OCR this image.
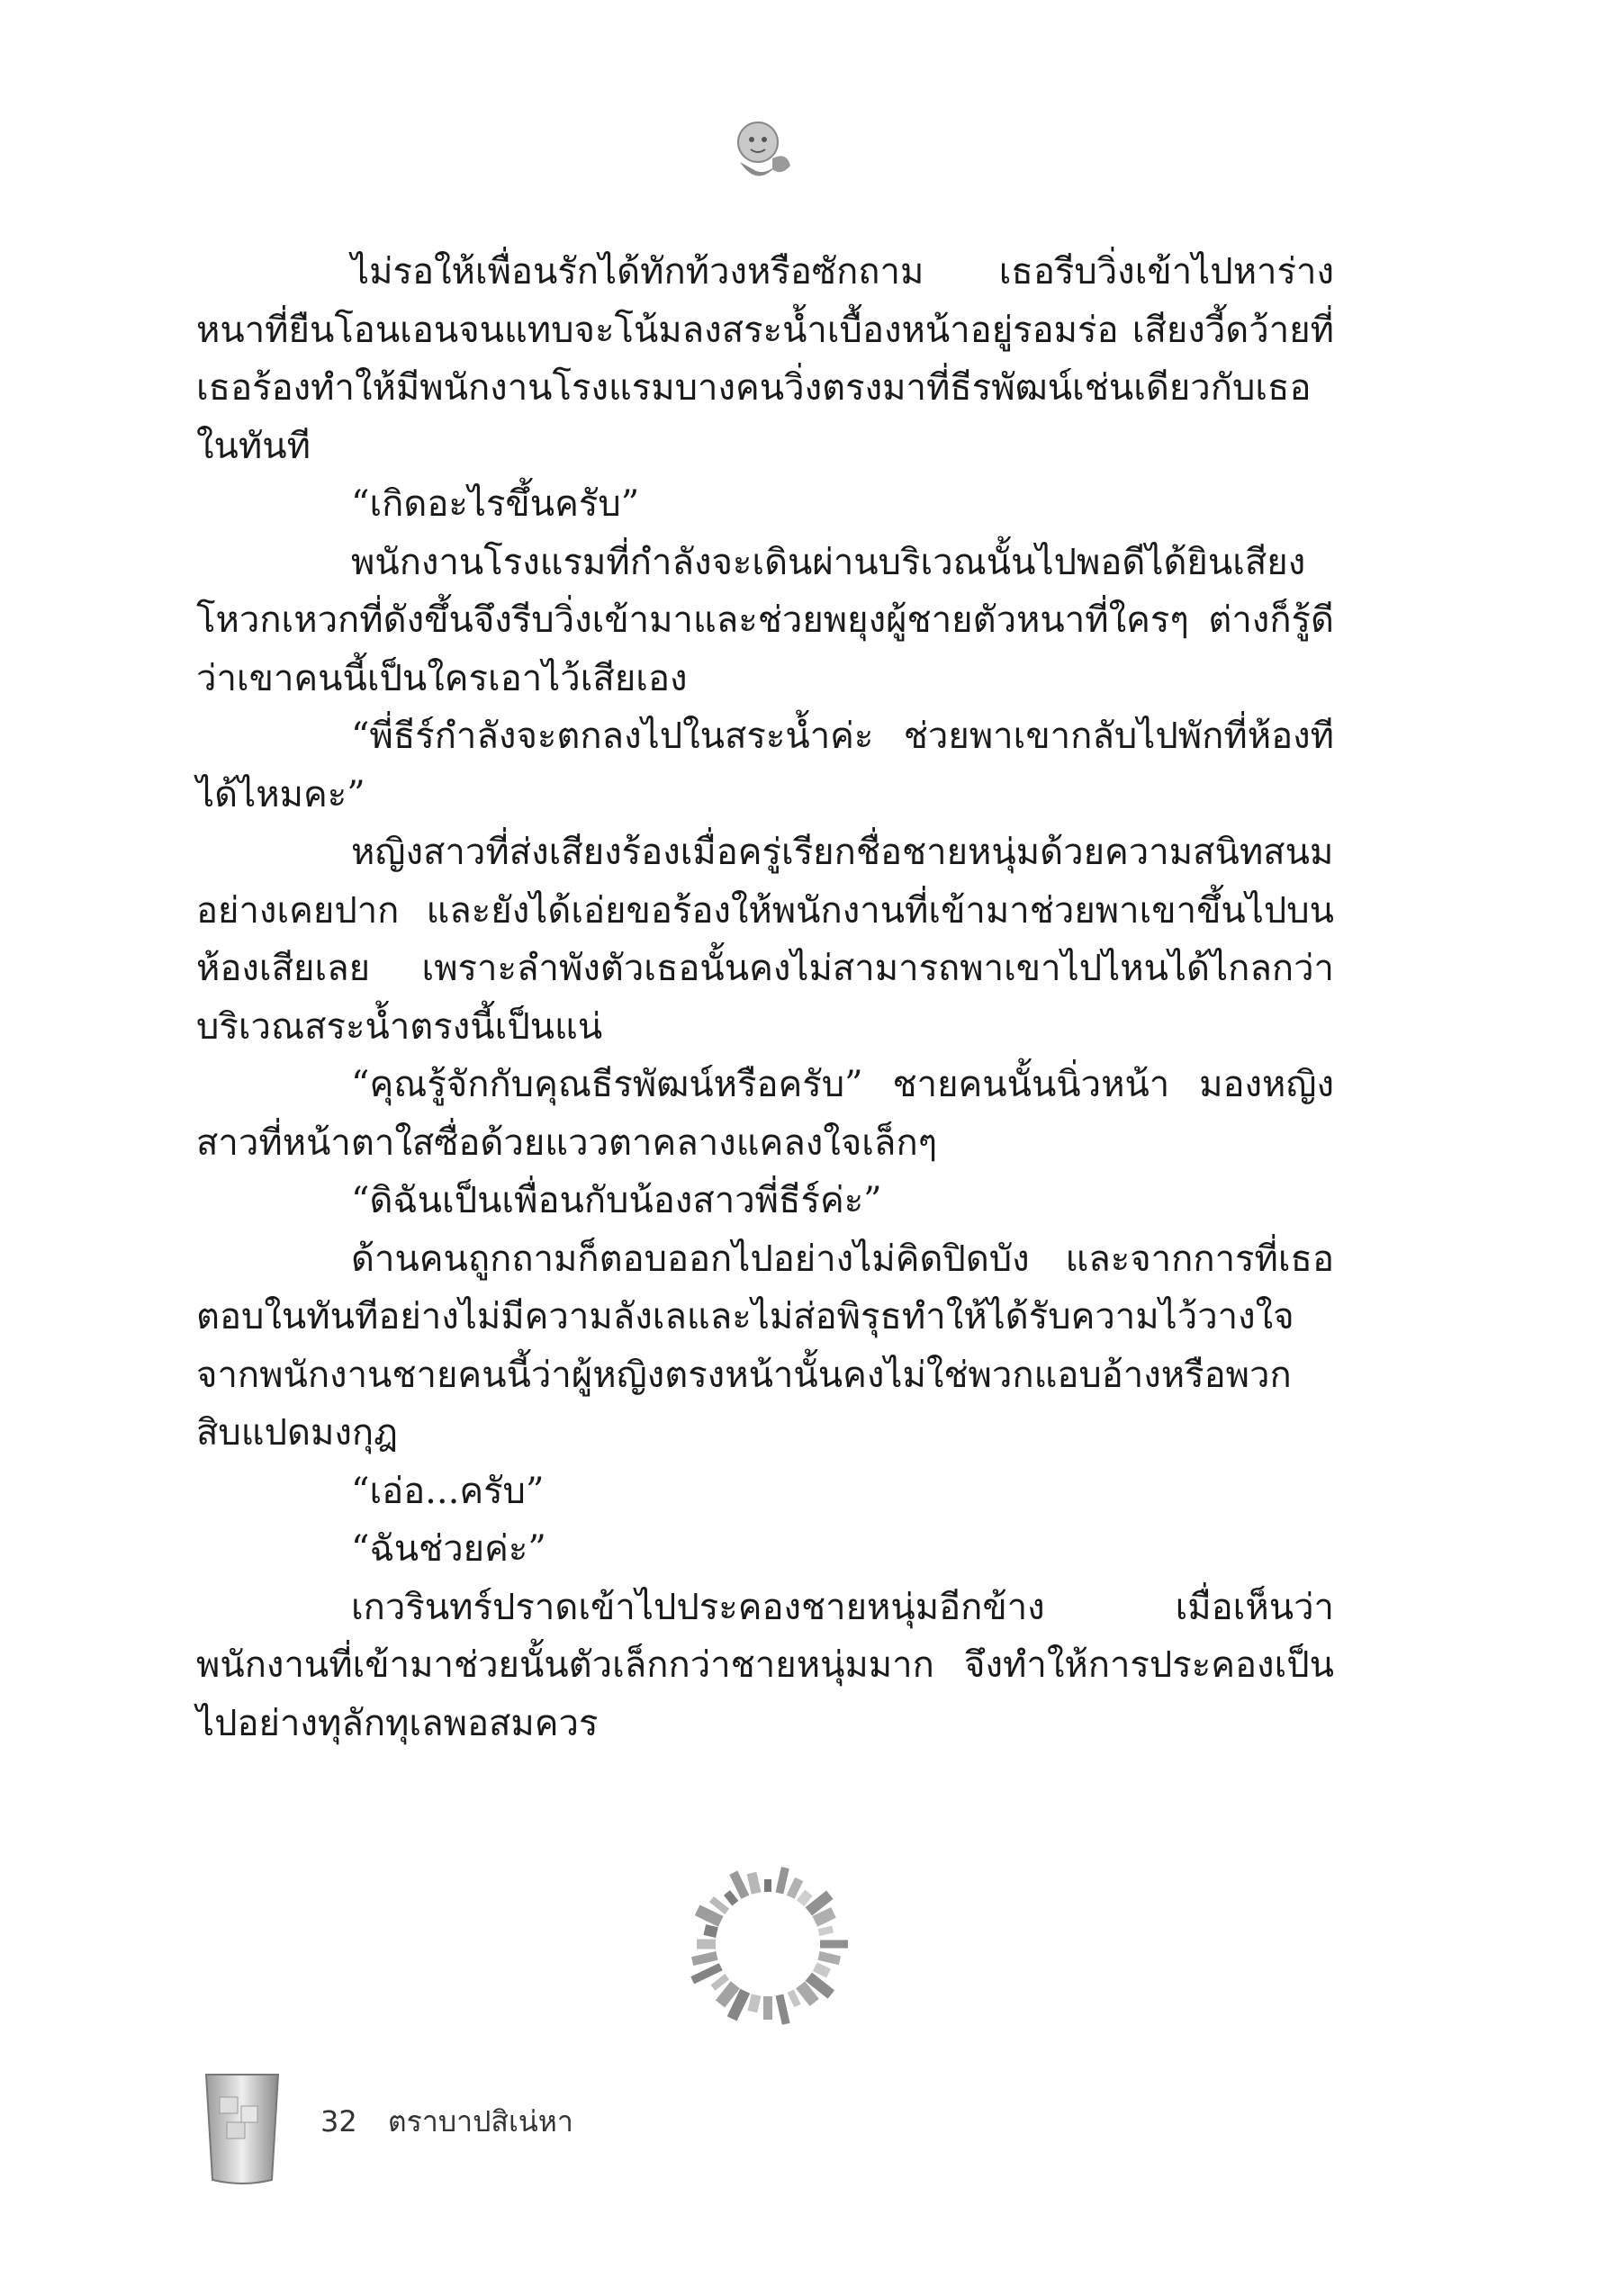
ไม่รอให้เพื่อนรักได้ทักท้วงหรือซักถาม เธอรีบวิ่งเข้าไปหาร่างหนาที่ยืนโอนเอนจนแทบจะโน้มลงสระน้ำเบื้องหน้าอยู่รอมร่อ เสียงวี้ดว้ายที่เธอร้องทำให้มีพนักงานโรงแรมบางคนวิ่งตรงมาที่ธีรพัฒน์เช่นเดียวกับเธอในทันที

“เกิดอะไรขึ้นครับ”

พนักงานโรงแรมที่กำลังจะเดินผ่านบริเวณนั้นไปพอดีได้ยินเสียงโหวกเหวกที่ดังขึ้นจึงรีบวิ่งเข้ามาและช่วยพยุงผู้ชายตัวหนาที่ใครๆ ต่างก็รู้ดีว่าเขาคนนี้เป็นใครเอาไว้เสียเอง

“พี่ธีร์กำลังจะตกลงไปในสระน้ำค่ะ ช่วยพาเขากลับไปพักที่ห้องทีได้ไหมคะ”

หญิงสาวที่ส่งเสียงร้องเมื่อครู่เรียกชื่อชายหนุ่มด้วยความสนิทสนมอย่างเคยปาก และยังได้เอ่ยขอร้องให้พนักงานที่เข้ามาช่วยพาเขาขึ้นไปบนห้องเสียเลย เพราะลำพังตัวเธอนั้นคงไม่สามารถพาเขาไปไหนได้ไกลกว่าบริเวณสระน้ำตรงนี้เป็นแน่

“คุณรู้จักกับคุณธีรพัฒน์หรือครับ” ชายคนนั้นนิ่วหน้า มองหญิงสาวที่หน้าตาใสซื่อด้วยแววตาคลางแคลงใจเล็กๆ

“ดิฉันเป็นเพื่อนกับน้องสาวพี่ธีร์ค่ะ”

ด้านคนถูกถามก็ตอบออกไปอย่างไม่คิดปิดบัง และจากการที่เธอตอบในทันทีอย่างไม่มีความลังเลและไม่ส่อพิรุธทำให้ได้รับความไว้วางใจจากพนักงานชายคนนี้ว่าผู้หญิงตรงหน้านั้นคงไม่ใช่พวกแอบอ้างหรือพวกสิบแปดมงกุฎ

“เอ่อ...ครับ”

“ฉันช่วยค่ะ”

เกวรินทร์ปราดเข้าไปประคองชายหนุ่มอีกข้าง เมื่อเห็นว่าพนักงานที่เข้ามาช่วยนั้นตัวเล็กกว่าชายหนุ่มมาก จึงทำให้การประคองเป็นไปอย่างทุลักทุเลพอสมควร

32 ตราบาปสิเน่หา
